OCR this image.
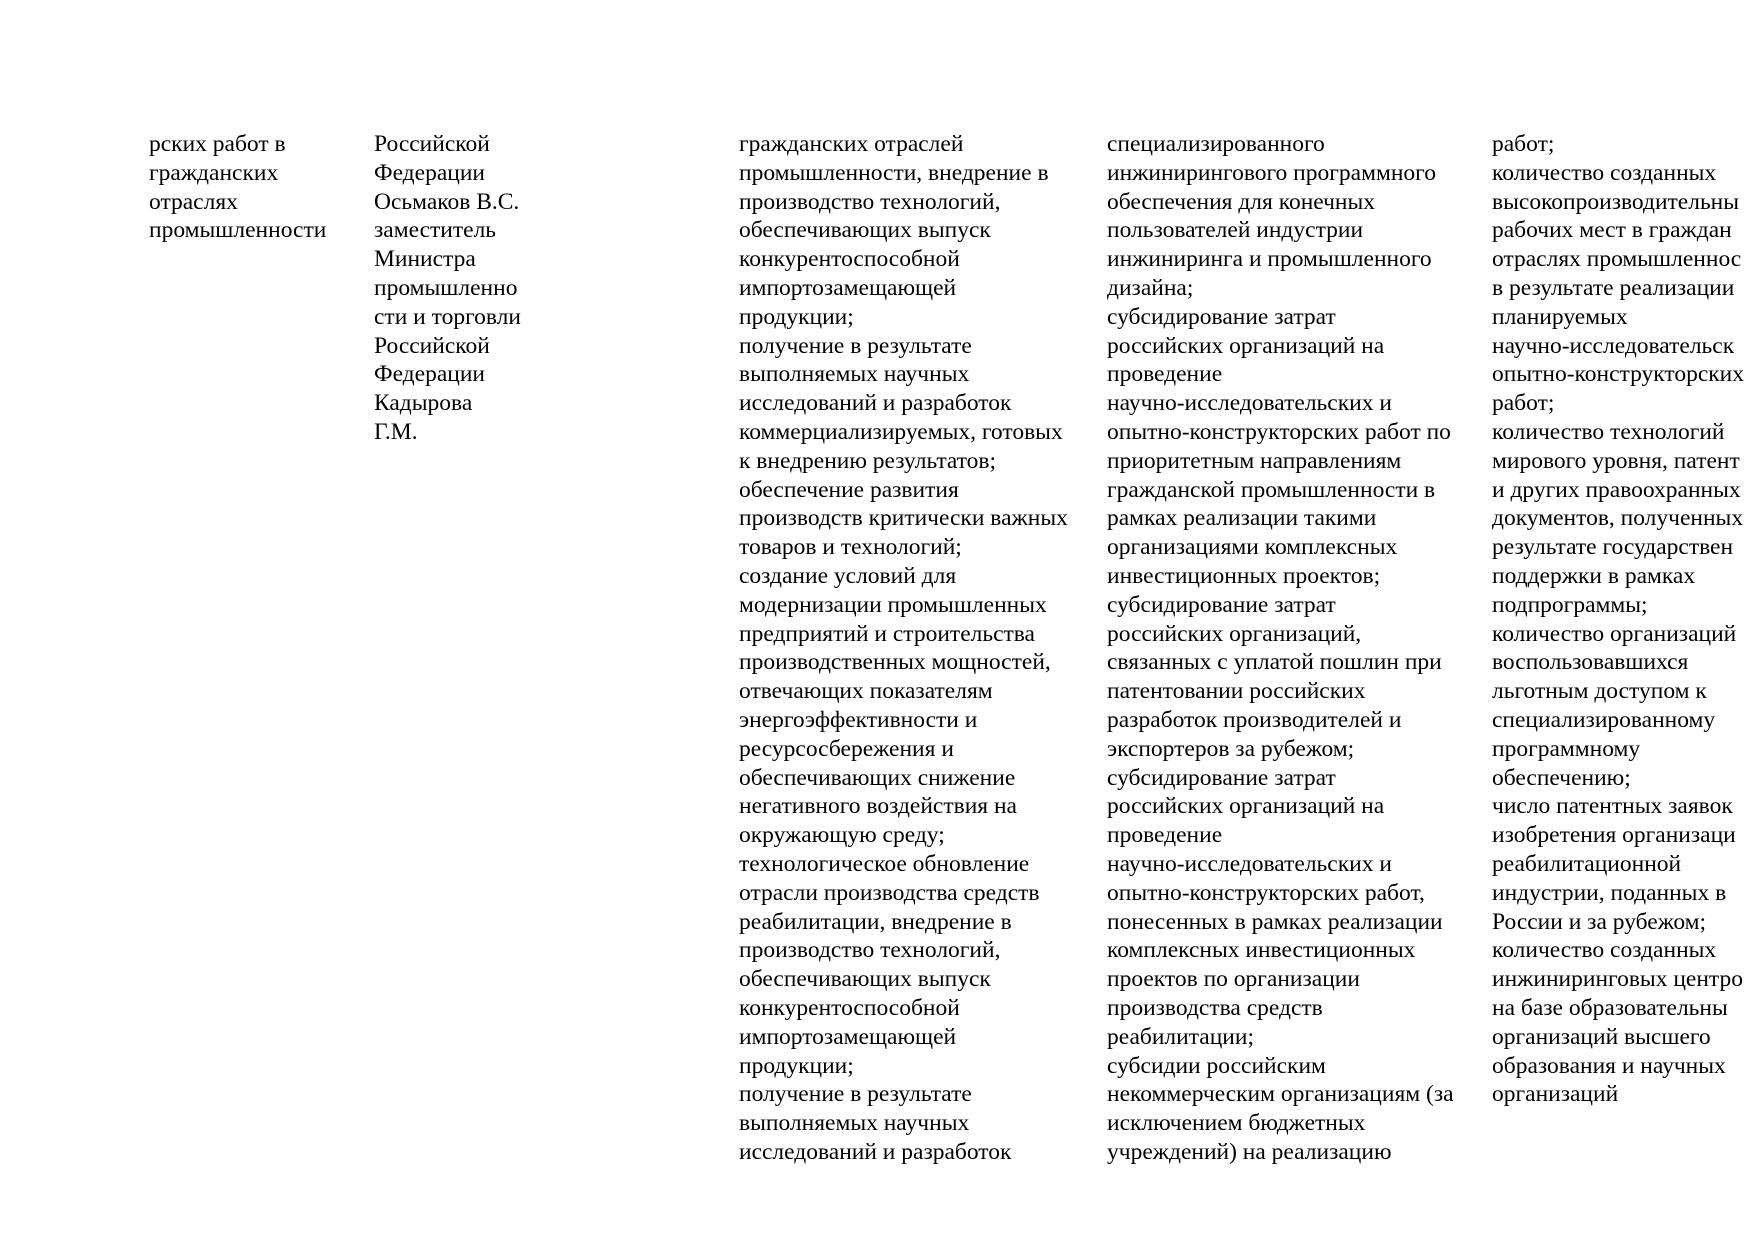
рских работ в
гражданских
отраслях
промышленности
Российской
Федерации
Осьмаков В.С.
заместитель
Министра
промышленно
сти и торговли
Российской
Федерации
Кадырова
Г.М.
гражданских отраслей
промышленности, внедрение в
производство технологий,
обеспечивающих выпуск
конкурентоспособной
импортозамещающей
продукции;
получение в результате
выполняемых научных
исследований и разработок
коммерциализируемых, готовых
к внедрению результатов;
обеспечение развития
производств критически важных
товаров и технологий;
создание условий для
модернизации промышленных
предприятий и строительства
производственных мощностей,
отвечающих показателям
энергоэффективности и
ресурсосбережения и
обеспечивающих снижение
негативного воздействия на
окружающую среду;
технологическое обновление
отрасли производства средств
реабилитации, внедрение в
производство технологий,
обеспечивающих выпуск
конкурентоспособной
импортозамещающей
продукции;
получение в результате
выполняемых научных
исследований и разработок
специализированного
инжинирингового программного
обеспечения для конечных
пользователей индустрии
инжиниринга и промышленного
дизайна;
субсидирование затрат
российских организаций на
проведение
научно-исследовательских и
опытно-конструкторских работ по
приоритетным направлениям
гражданской промышленности в
рамках реализации такими
организациями комплексных
инвестиционных проектов;
субсидирование затрат
российских организаций,
связанных с уплатой пошлин при
патентовании российских
разработок производителей и
экспортеров за рубежом;
субсидирование затрат
российских организаций на
проведение
научно-исследовательских и
опытно-конструкторских работ,
понесенных в рамках реализации
комплексных инвестиционных
проектов по организации
производства средств
реабилитации;
субсидии российским
некоммерческим организациям (за
исключением бюджетных
учреждений) на реализацию
работ;
количество созданных
высокопроизводительны
рабочих мест в граждан
отраслях промышленнос
в результате реализации
планируемых
научно-исследовательск
опытно-конструкторских
работ;
количество технологий
мирового уровня, патент
и других правоохранных
документов, полученных
результате государствен
поддержки в рамках
подпрограммы;
количество организаций
воспользовавшихся
льготным доступом к
специализированному
программному
обеспечению;
число патентных заявок
изобретения организаци
реабилитационной
индустрии, поданных в
России и за рубежом;
количество созданных
инжиниринговых центро
на базе образовательны
организаций высшего
образования и научных
организаций
